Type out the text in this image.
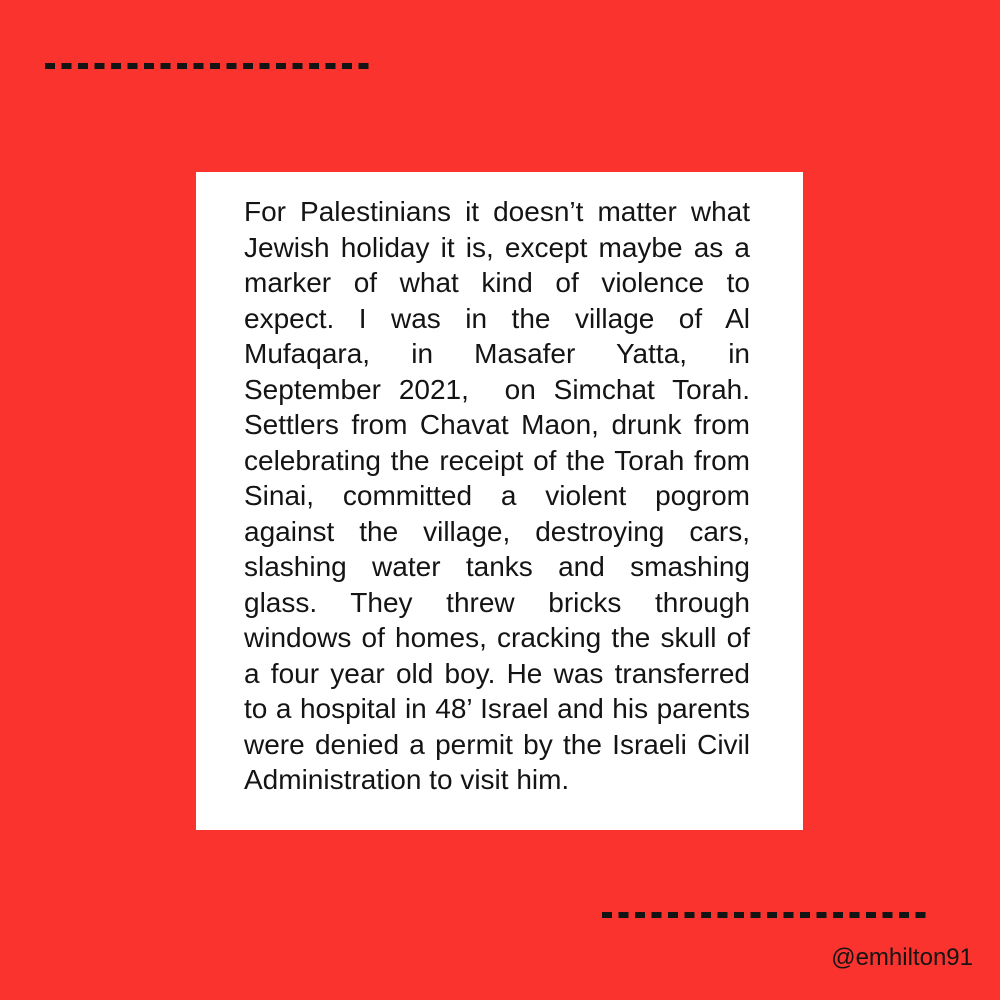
For Palestinians it doesn’t matter what
Jewish holiday it is, except maybe as a
marker of what kind of violence to
expect. I was in the village of Al
Mufaqara, in Masafer Yatta, in
September 2021,  on Simchat Torah.
Settlers from Chavat Maon, drunk from
celebrating the receipt of the Torah from
Sinai, committed a violent pogrom
against the village, destroying cars,
slashing water tanks and smashing
glass. They threw bricks through
windows of homes, cracking the skull of
a four year old boy. He was transferred
to a hospital in 48’ Israel and his parents
were denied a permit by the Israeli Civil
Administration to visit him.
@emhilton91
